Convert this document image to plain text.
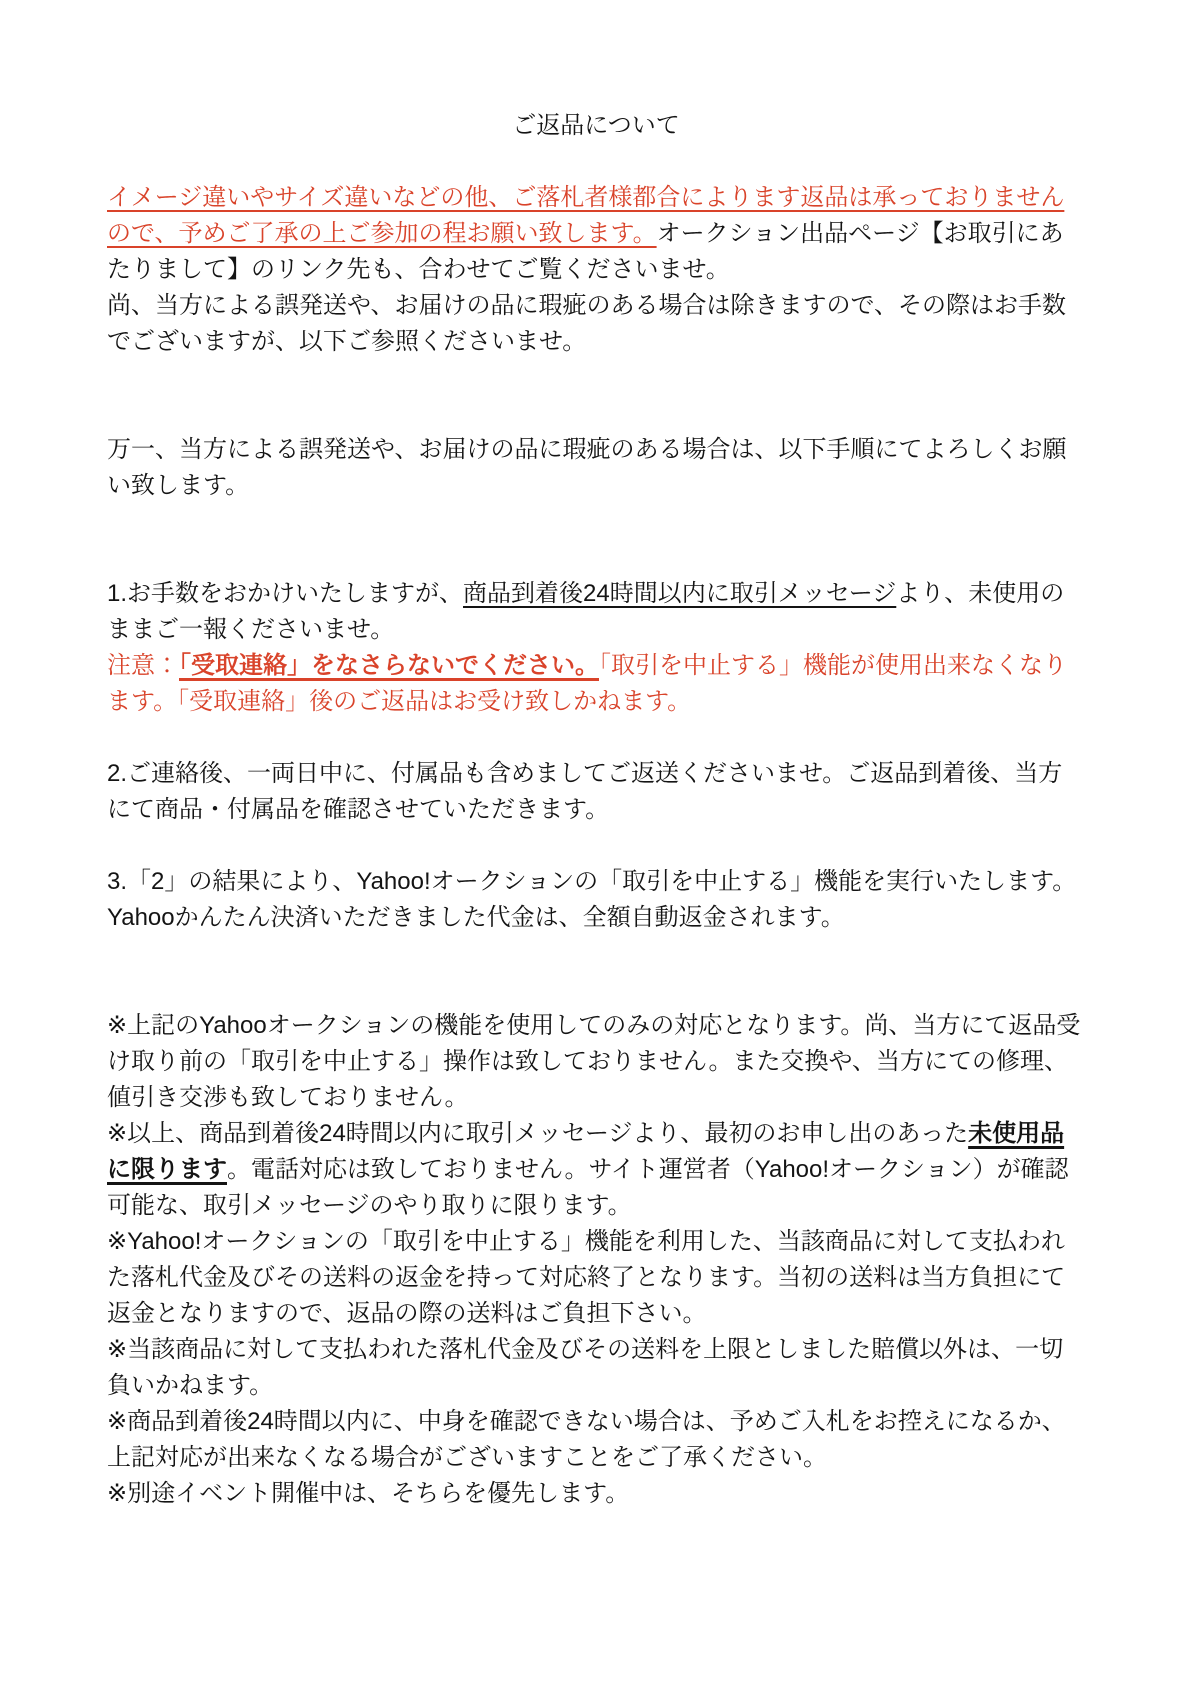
ご返品について

イメージ違いやサイズ違いなどの他、ご落札者様都合によります返品は承っておりませんので、予めご了承の上ご参加の程お願い致します。オークション出品ページ【お取引にあたりまして】のリンク先も、合わせてご覧くださいませ。
尚、当方による誤発送や、お届けの品に瑕疵のある場合は除きますので、その際はお手数でございますが、以下ご参照くださいませ。

万一、当方による誤発送や、お届けの品に瑕疵のある場合は、以下手順にてよろしくお願い致します。

1.お手数をおかけいたしますが、商品到着後24時間以内に取引メッセージより、未使用のままご一報くださいませ。
注意：「受取連絡」をなさらないでください。「取引を中止する」機能が使用出来なくなります。「受取連絡」後のご返品はお受け致しかねます。

2.ご連絡後、一両日中に、付属品も含めましてご返送くださいませ。ご返品到着後、当方にて商品・付属品を確認させていただきます。

3.「2」の結果により、Yahoo!オークションの「取引を中止する」機能を実行いたします。Yahooかんたん決済いただきました代金は、全額自動返金されます。

※上記のYahooオークションの機能を使用してのみの対応となります。尚、当方にて返品受け取り前の「取引を中止する」操作は致しておりません。また交換や、当方にての修理、値引き交渉も致しておりません。
※以上、商品到着後24時間以内に取引メッセージより、最初のお申し出のあった未使用品に限ります。電話対応は致しておりません。サイト運営者（Yahoo!オークション）が確認可能な、取引メッセージのやり取りに限ります。
※Yahoo!オークションの「取引を中止する」機能を利用した、当該商品に対して支払われた落札代金及びその送料の返金を持って対応終了となります。当初の送料は当方負担にて返金となりますので、返品の際の送料はご負担下さい。
※当該商品に対して支払われた落札代金及びその送料を上限としました賠償以外は、一切負いかねます。
※商品到着後24時間以内に、中身を確認できない場合は、予めご入札をお控えになるか、上記対応が出来なくなる場合がございますことをご了承ください。
※別途イベント開催中は、そちらを優先します。
